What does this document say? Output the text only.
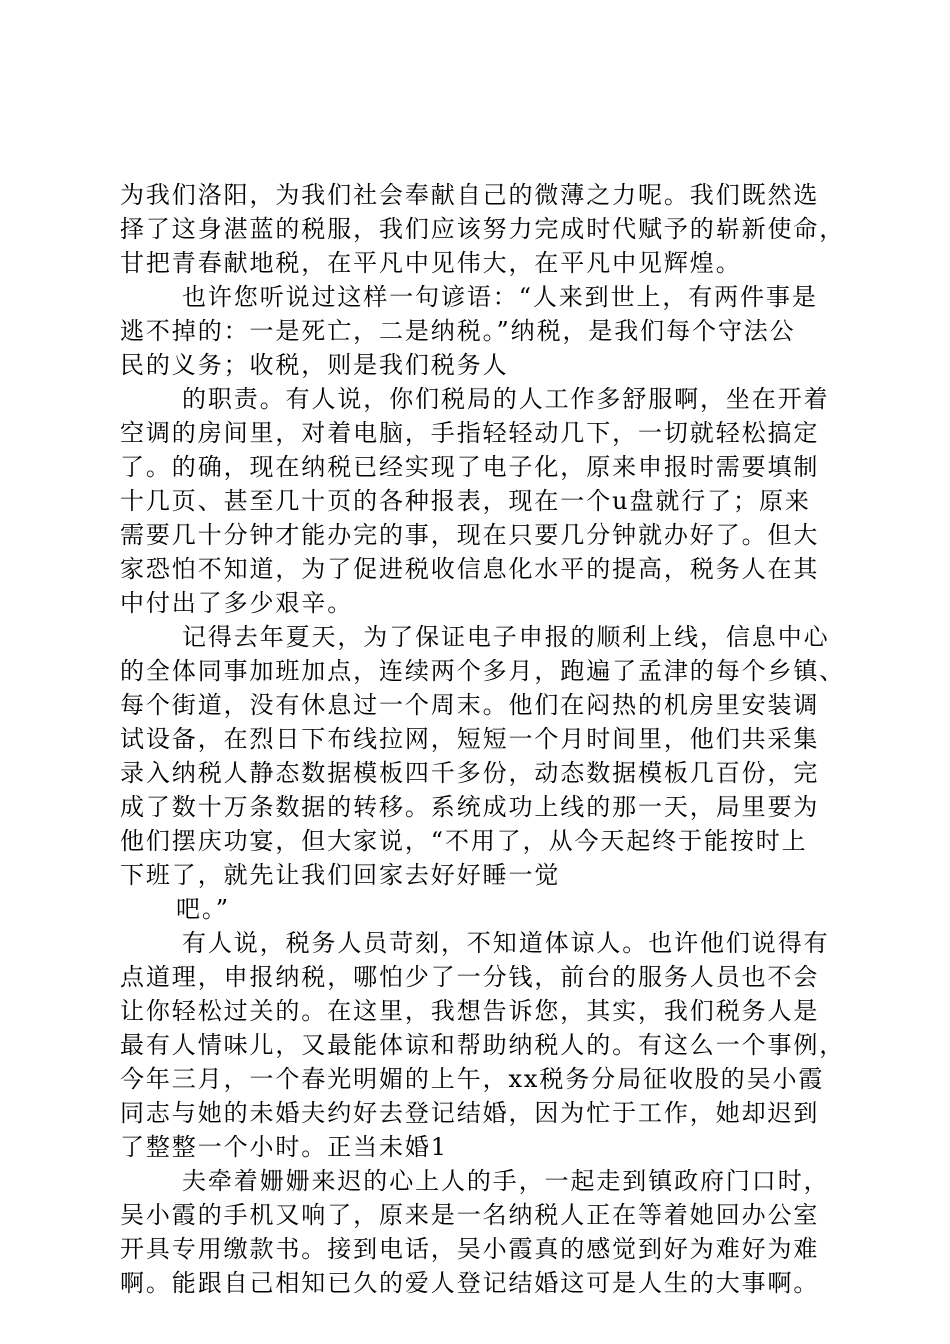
为我们洛阳，为我们社会奉献自己的微薄之力呢。我们既然选
择了这身湛蓝的税服，我们应该努力完成时代赋予的崭新使命，
甘把青春献地税，在平凡中见伟大，在平凡中见辉煌。
也许您听说过这样一句谚语：“人来到世上，有两件事是
逃不掉的：一是死亡，二是纳税。”纳税，是我们每个守法公
民的义务；收税，则是我们税务人
的职责。有人说，你们税局的人工作多舒服啊，坐在开着
空调的房间里，对着电脑，手指轻轻动几下，一切就轻松搞定
了。的确，现在纳税已经实现了电子化，原来申报时需要填制
十几页、甚至几十页的各种报表，现在一个u盘就行了；原来
需要几十分钟才能办完的事，现在只要几分钟就办好了。但大
家恐怕不知道，为了促进税收信息化水平的提高，税务人在其
中付出了多少艰辛。
记得去年夏天，为了保证电子申报的顺利上线，信息中心
的全体同事加班加点，连续两个多月，跑遍了孟津的每个乡镇、
每个街道，没有休息过一个周末。他们在闷热的机房里安装调
试设备，在烈日下布线拉网，短短一个月时间里，他们共采集
录入纳税人静态数据模板四千多份，动态数据模板几百份，完
成了数十万条数据的转移。系统成功上线的那一天，局里要为
他们摆庆功宴，但大家说，“不用了，从今天起终于能按时上
下班了，就先让我们回家去好好睡一觉
吧。”
有人说，税务人员苛刻，不知道体谅人。也许他们说得有
点道理，申报纳税，哪怕少了一分钱，前台的服务人员也不会
让你轻松过关的。在这里，我想告诉您，其实，我们税务人是
最有人情味儿，又最能体谅和帮助纳税人的。有这么一个事例，
今年三月，一个春光明媚的上午，xx税务分局征收股的吴小霞
同志与她的未婚夫约好去登记结婚，因为忙于工作，她却迟到
了整整一个小时。正当未婚1
夫牵着姗姗来迟的心上人的手，一起走到镇政府门口时，
吴小霞的手机又响了，原来是一名纳税人正在等着她回办公室
开具专用缴款书。接到电话，吴小霞真的感觉到好为难好为难
啊。能跟自己相知已久的爱人登记结婚这可是人生的大事啊。
